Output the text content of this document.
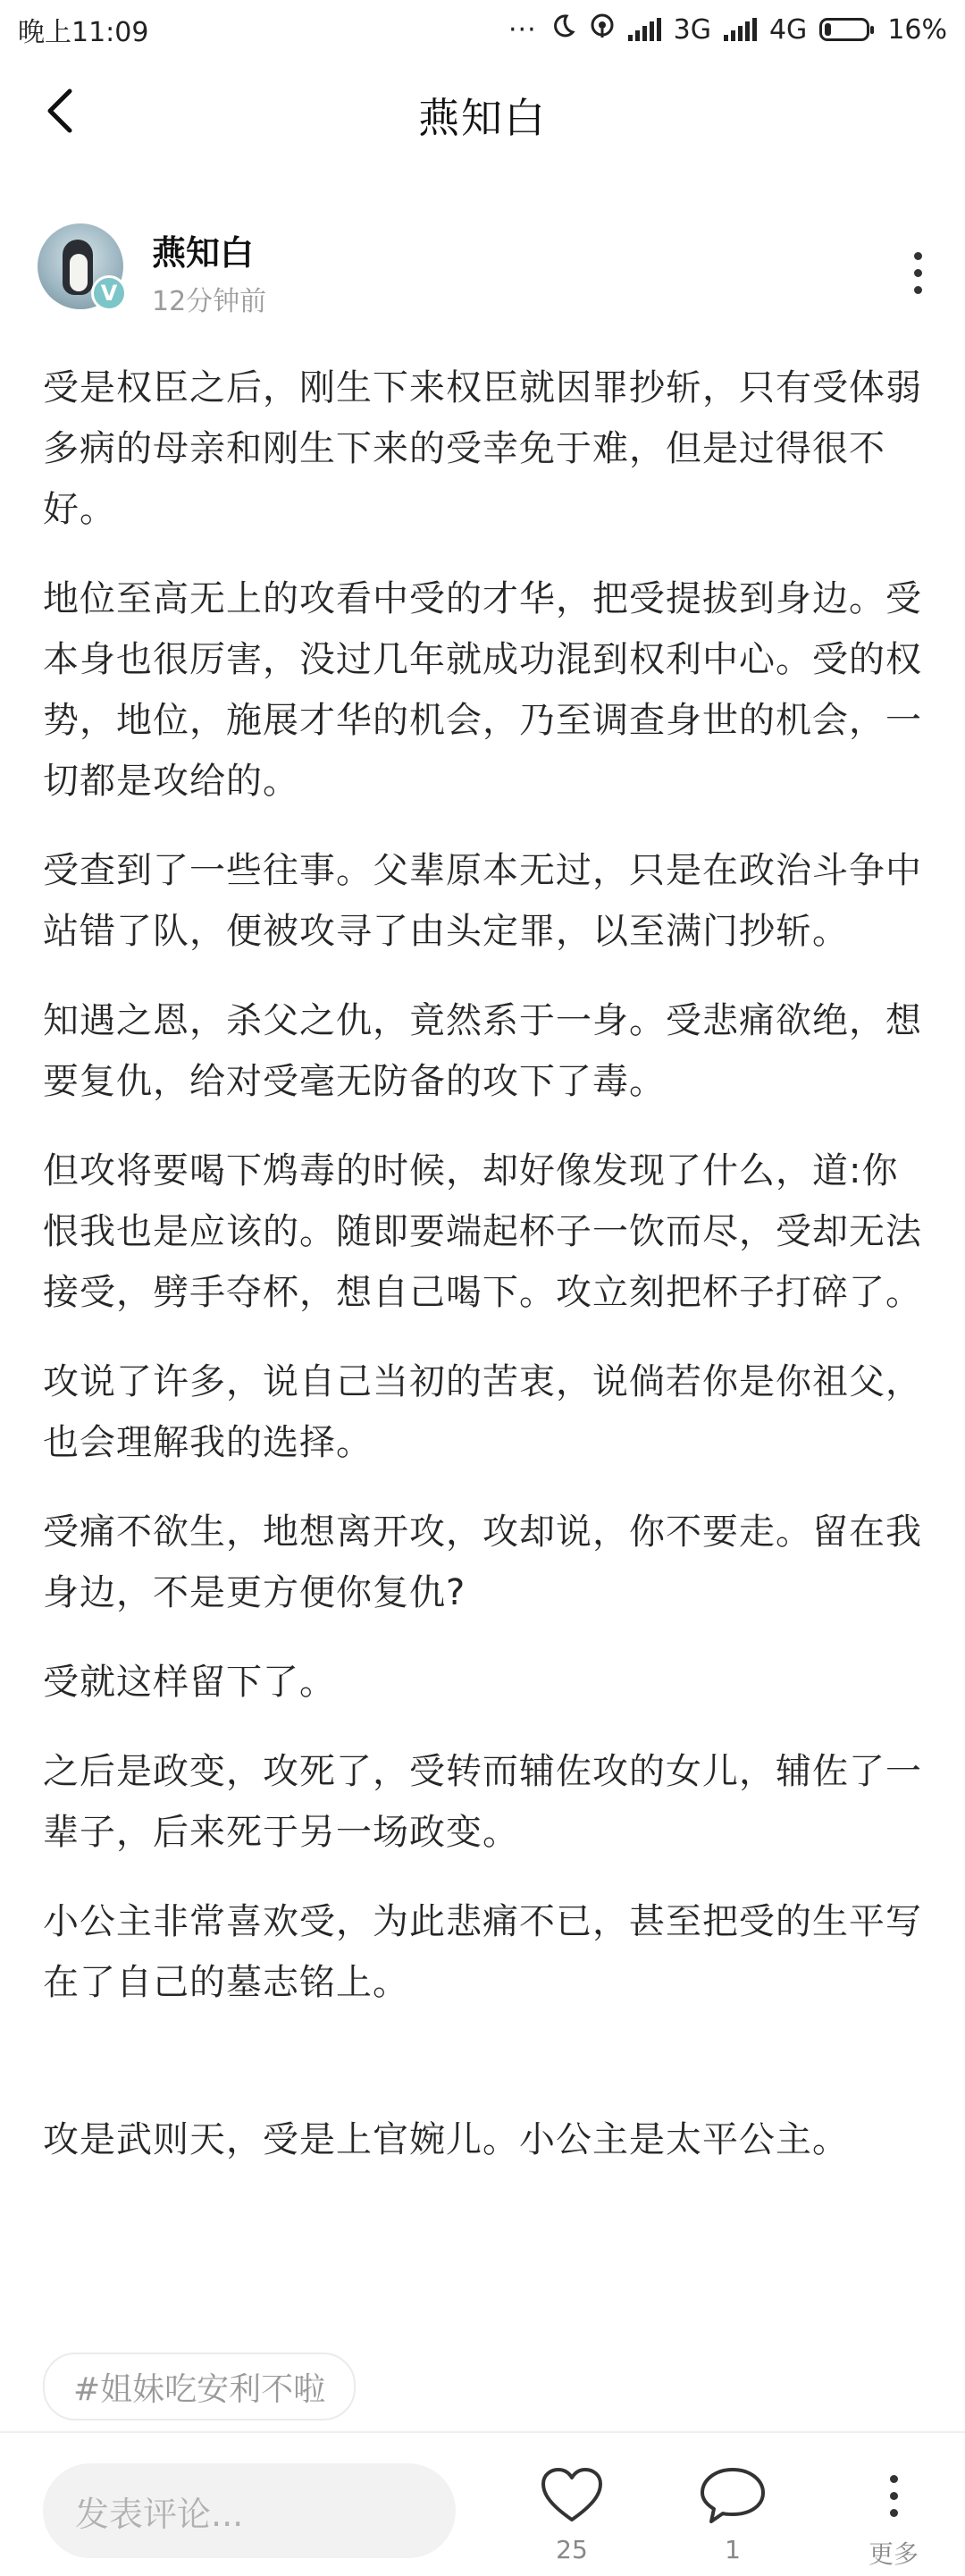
晚上11:09	···	3G 4G	16%
燕知白
V
燕知白
12分钟前

受是权臣之后，刚生下来权臣就因罪抄斩，只有受体弱多病的母亲和刚生下来的受幸免于难，但是过得很不好。

地位至高无上的攻看中受的才华，把受提拔到身边。受本身也很厉害，没过几年就成功混到权利中心。受的权势，地位，施展才华的机会，乃至调查身世的机会，一切都是攻给的。

受查到了一些往事。父辈原本无过，只是在政治斗争中站错了队，便被攻寻了由头定罪，以至满门抄斩。

知遇之恩，杀父之仇，竟然系于一身。受悲痛欲绝，想要复仇，给对受毫无防备的攻下了毒。

但攻将要喝下鸩毒的时候，却好像发现了什么，道:你恨我也是应该的。随即要端起杯子一饮而尽，受却无法接受，劈手夺杯，想自己喝下。攻立刻把杯子打碎了。

攻说了许多，说自己当初的苦衷，说倘若你是你祖父，也会理解我的选择。

受痛不欲生，地想离开攻，攻却说，你不要走。留在我身边，不是更方便你复仇?

受就这样留下了。

之后是政变，攻死了，受转而辅佐攻的女儿，辅佐了一辈子，后来死于另一场政变。

小公主非常喜欢受，为此悲痛不已，甚至把受的生平写在了自己的墓志铭上。

攻是武则天，受是上官婉儿。小公主是太平公主。

#姐妹吃安利不啦
发表评论...
25	1	更多
